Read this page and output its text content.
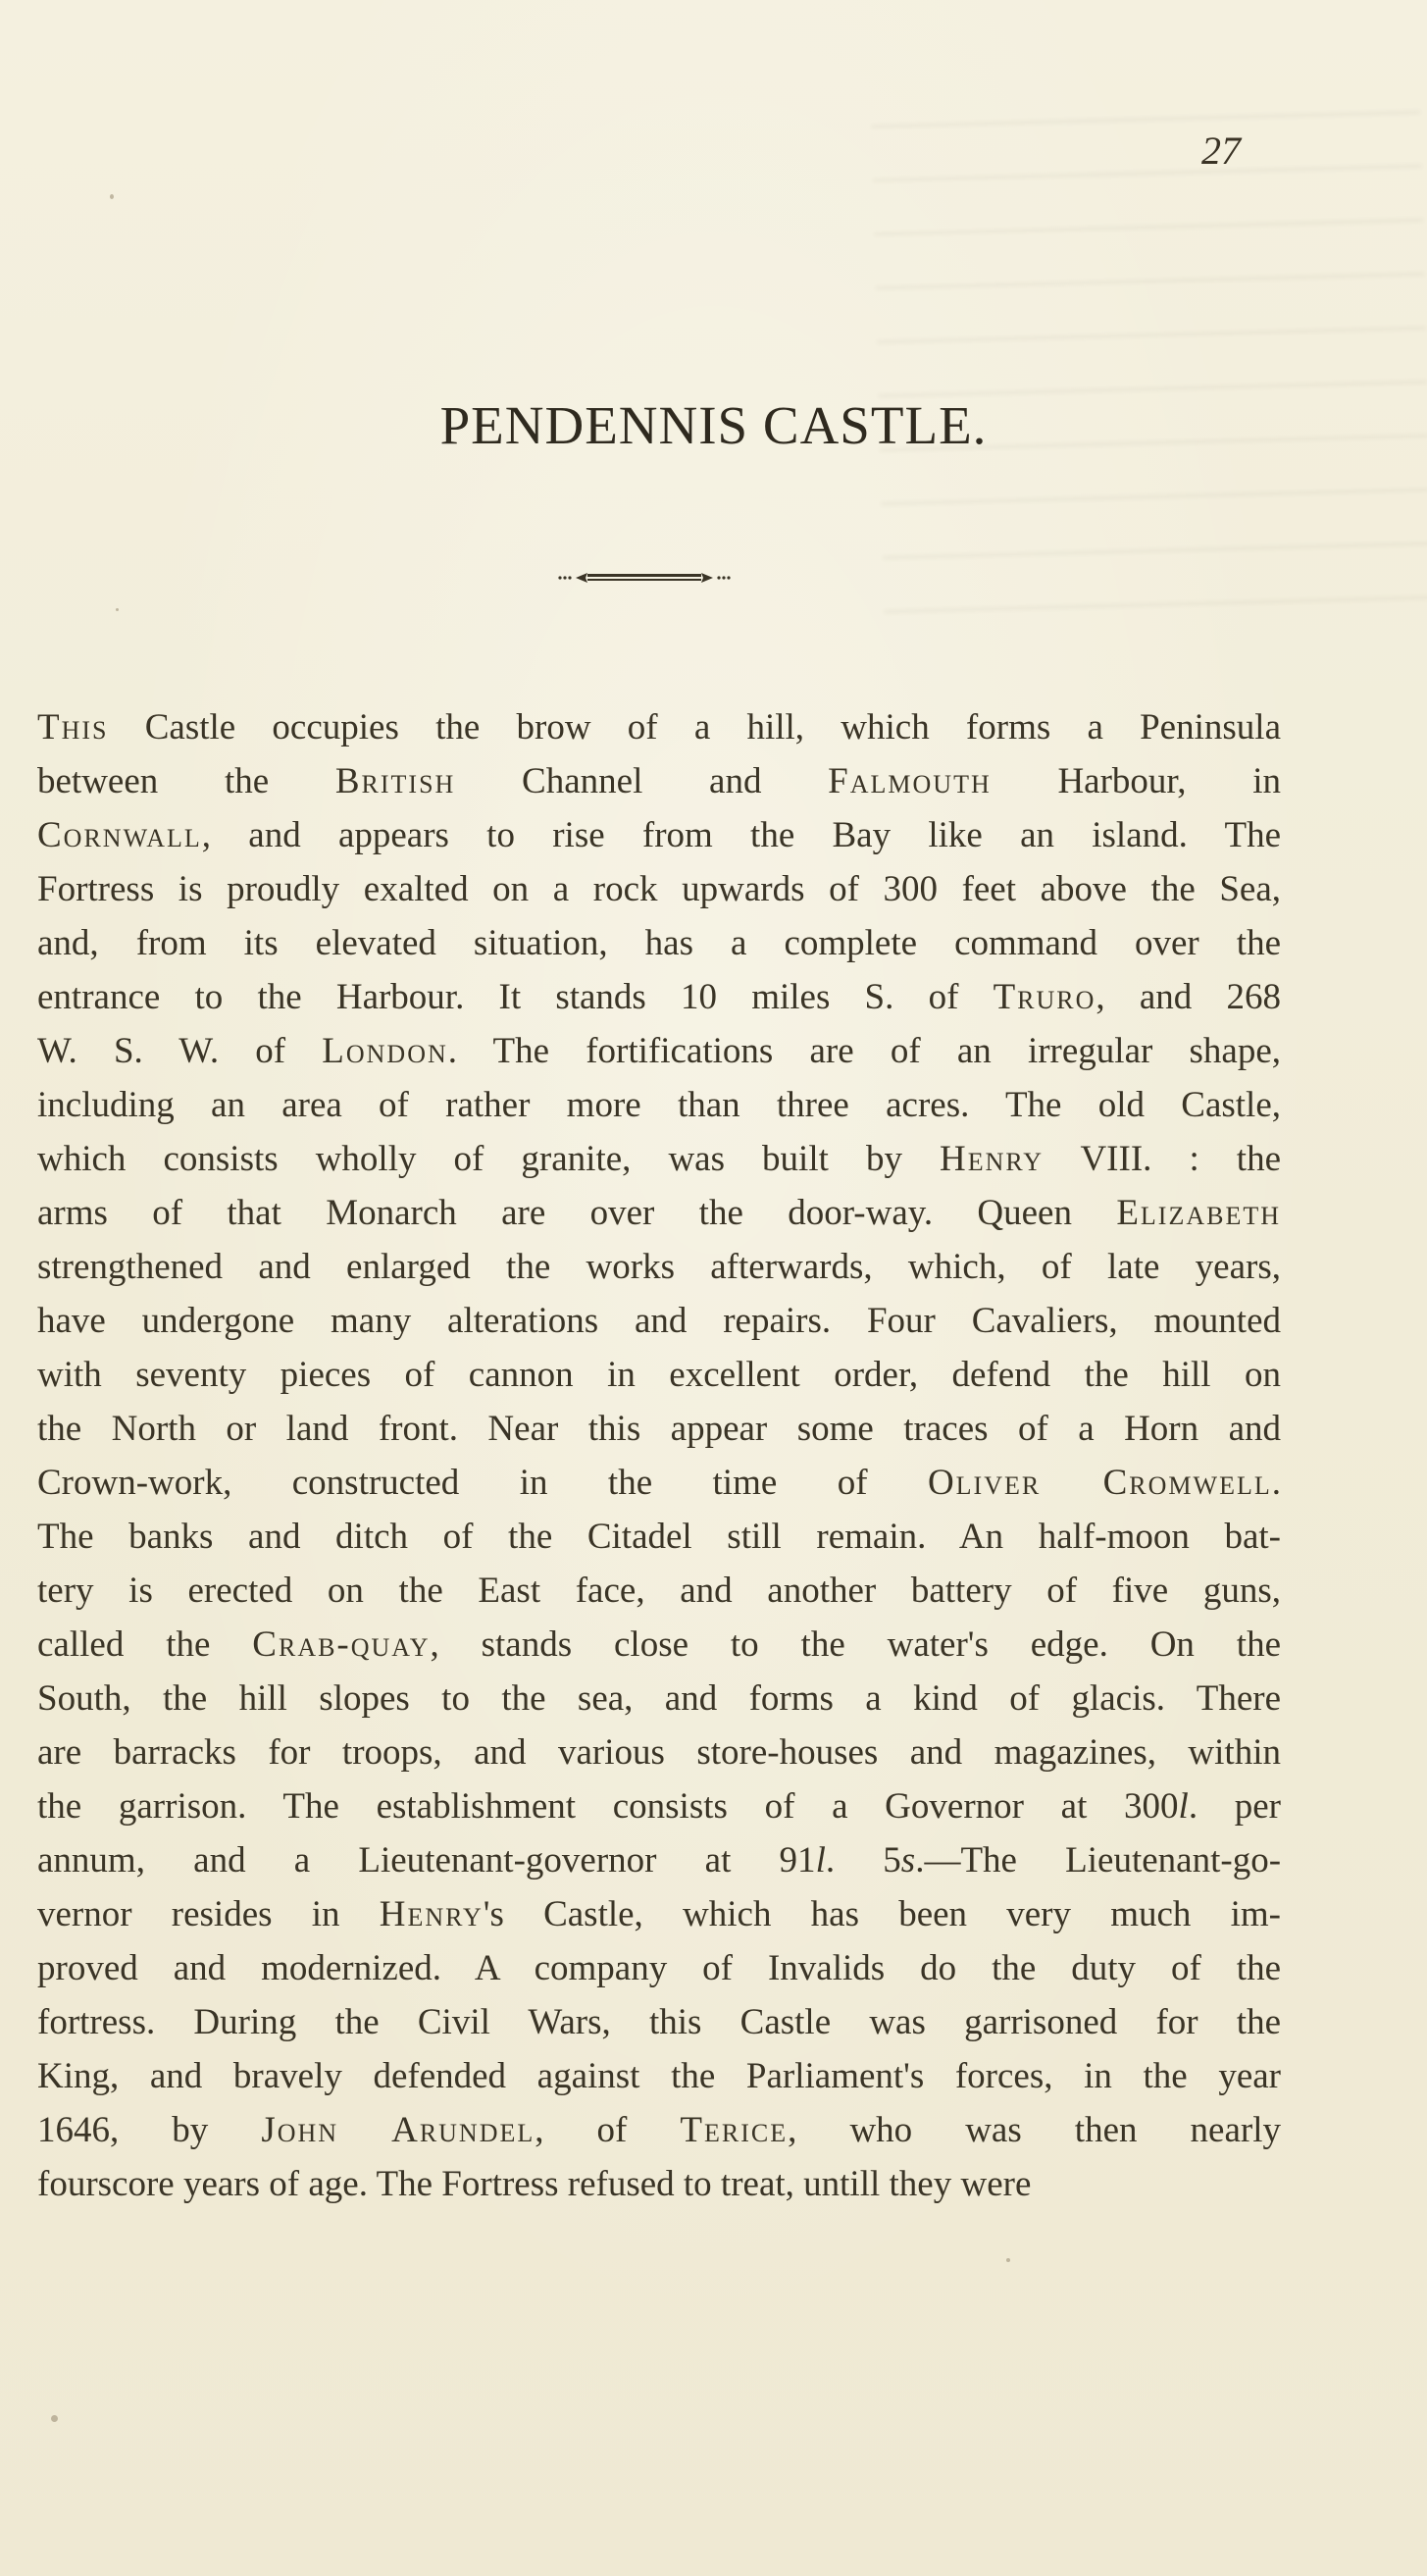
27
PENDENNIS CASTLE.
This Castle occupies the brow of a hill, which forms a Peninsula
between the British Channel and Falmouth Harbour, in
Cornwall, and appears to rise from the Bay like an island. The
Fortress is proudly exalted on a rock upwards of 300 feet above the Sea,
and, from its elevated situation, has a complete command over the
entrance to the Harbour. It stands 10 miles S. of Truro, and 268
W. S. W. of London. The fortifications are of an irregular shape,
including an area of rather more than three acres. The old Castle,
which consists wholly of granite, was built by Henry VIII. : the
arms of that Monarch are over the door-way. Queen Elizabeth
strengthened and enlarged the works afterwards, which, of late years,
have undergone many alterations and repairs. Four Cavaliers, mounted
with seventy pieces of cannon in excellent order, defend the hill on
the North or land front. Near this appear some traces of a Horn and
Crown-work, constructed in the time of Oliver Cromwell.
The banks and ditch of the Citadel still remain. An half-moon bat-
tery is erected on the East face, and another battery of five guns,
called the Crab-quay, stands close to the water's edge. On the
South, the hill slopes to the sea, and forms a kind of glacis. There
are barracks for troops, and various store-houses and magazines, within
the garrison. The establishment consists of a Governor at 300l. per
annum, and a Lieutenant-governor at 91l. 5s.—The Lieutenant-go-
vernor resides in Henry's Castle, which has been very much im-
proved and modernized. A company of Invalids do the duty of the
fortress. During the Civil Wars, this Castle was garrisoned for the
King, and bravely defended against the Parliament's forces, in the year
1646, by John Arundel, of Terice, who was then nearly
fourscore years of age. The Fortress refused to treat, untill they were
